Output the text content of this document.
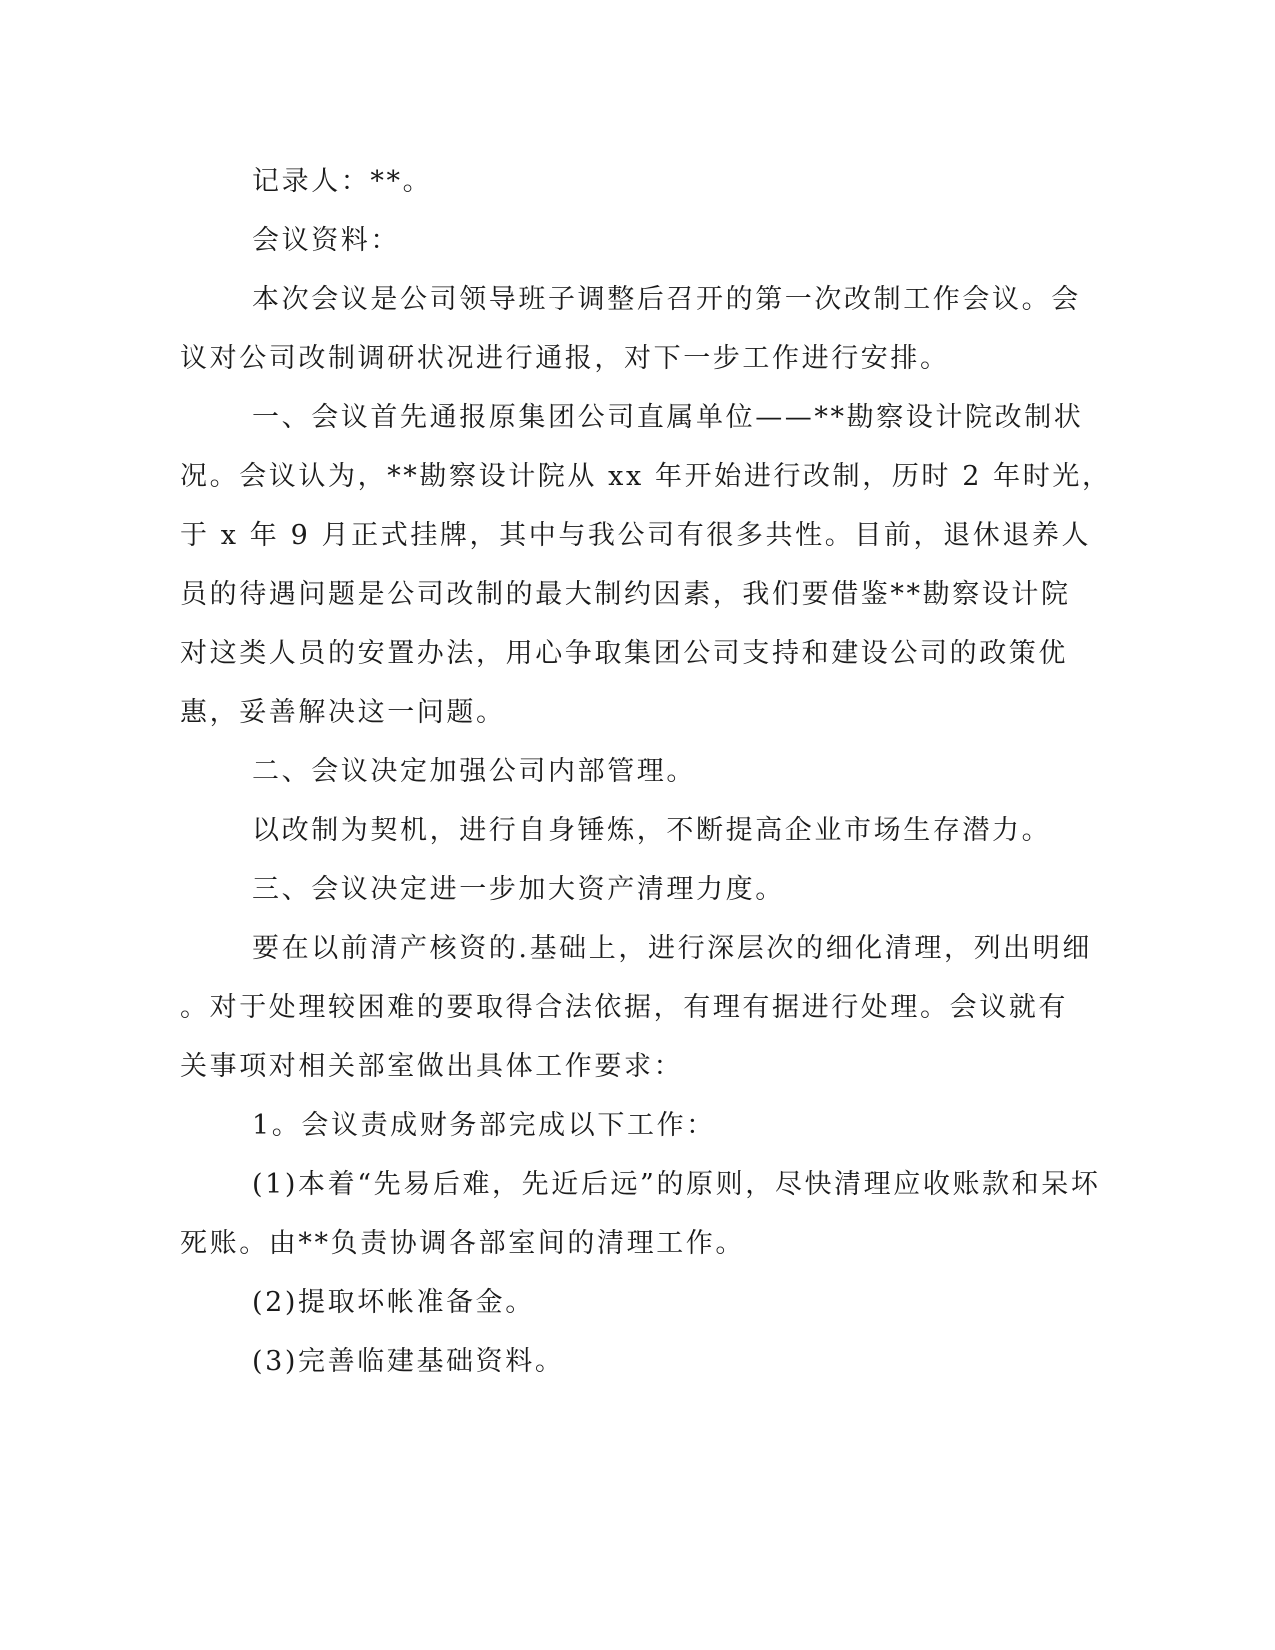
记录人：**。
会议资料：
本次会议是公司领导班子调整后召开的第一次改制工作会议。会
议对公司改制调研状况进行通报，对下一步工作进行安排。
一、会议首先通报原集团公司直属单位——**勘察设计院改制状
况。会议认为，**勘察设计院从 xx 年开始进行改制，历时 2 年时光，
于 x 年 9 月正式挂牌，其中与我公司有很多共性。目前，退休退养人
员的待遇问题是公司改制的最大制约因素，我们要借鉴**勘察设计院
对这类人员的安置办法，用心争取集团公司支持和建设公司的政策优
惠，妥善解决这一问题。
二、会议决定加强公司内部管理。
以改制为契机，进行自身锤炼，不断提高企业市场生存潜力。
三、会议决定进一步加大资产清理力度。
要在以前清产核资的.基础上，进行深层次的细化清理，列出明细
。对于处理较困难的要取得合法依据，有理有据进行处理。会议就有
关事项对相关部室做出具体工作要求：
1。会议责成财务部完成以下工作：
(1)本着“先易后难，先近后远”的原则，尽快清理应收账款和呆坏
死账。由**负责协调各部室间的清理工作。
(2)提取坏帐准备金。
(3)完善临建基础资料。
